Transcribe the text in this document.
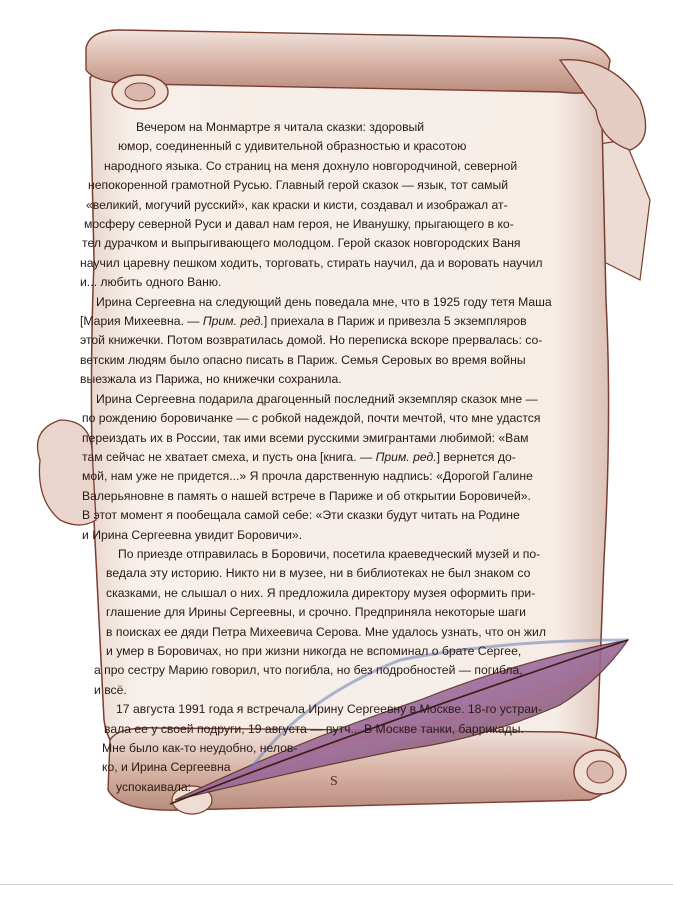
Вечером на Монмартре я читала сказки: здоровый
юмор, соединенный с удивительной образностью и красотою
народного языка. Со страниц на меня дохнуло новгородчиной, северной
непокоренной грамотной Русью. Главный герой сказок — язык, тот самый
«великий, могучий русский», как краски и кисти, создавал и изображал ат-
мосферу северной Руси и давал нам героя, не Иванушку, прыгающего в ко-
тел дурачком и выпрыгивающего молодцом. Герой сказок новгородских Ваня
научил царевну пешком ходить, торговать, стирать научил, да и воровать научил
и... любить одного Ваню.
Ирина Сергеевна на следующий день поведала мне, что в 1925 году тетя Маша
[Мария Михеевна. — Прим. ред.] приехала в Париж и привезла 5 экземпляров
этой книжечки. Потом возвратилась домой. Но переписка вскоре прервалась: со-
ветским людям было опасно писать в Париж. Семья Серовых во время войны
выезжала из Парижа, но книжечки сохранила.
Ирина Сергеевна подарила драгоценный последний экземпляр сказок мне —
по рождению боровичанке — с робкой надеждой, почти мечтой, что мне удастся
переиздать их в России, так ими всеми русскими эмигрантами любимой: «Вам
там сейчас не хватает смеха, и пусть она [книга. — Прим. ред.] вернется до-
мой, нам уже не придется...» Я прочла дарственную надпись: «Дорогой Галине
Валерьяновне в память о нашей встрече в Париже и об открытии Боровичей».
В этот момент я пообещала самой себе: «Эти сказки будут читать на Родине
и Ирина Сергеевна увидит Боровичи».
По приезде отправилась в Боровичи, посетила краеведческий музей и по-
ведала эту историю. Никто ни в музее, ни в библиотеках не был знаком со
сказками, не слышал о них. Я предложила директору музея оформить при-
глашение для Ирины Сергеевны, и срочно. Предприняла некоторые шаги
в поисках ее дяди Петра Михеевича Серова. Мне удалось узнать, что он жил
и умер в Боровичах, но при жизни никогда не вспоминал о брате Сергее,
а про сестру Марию говорил, что погибла, но без подробностей — погибла,
и всё.
17 августа 1991 года я встречала Ирину Сергеевну в Москве. 18-го устраи-
вала ее у своей подруги, 19 августа — путч... В Москве танки, баррикады.
Мне было как-то неудобно, нелов-
ко, и Ирина Сергеевна
успокаивала:	S
